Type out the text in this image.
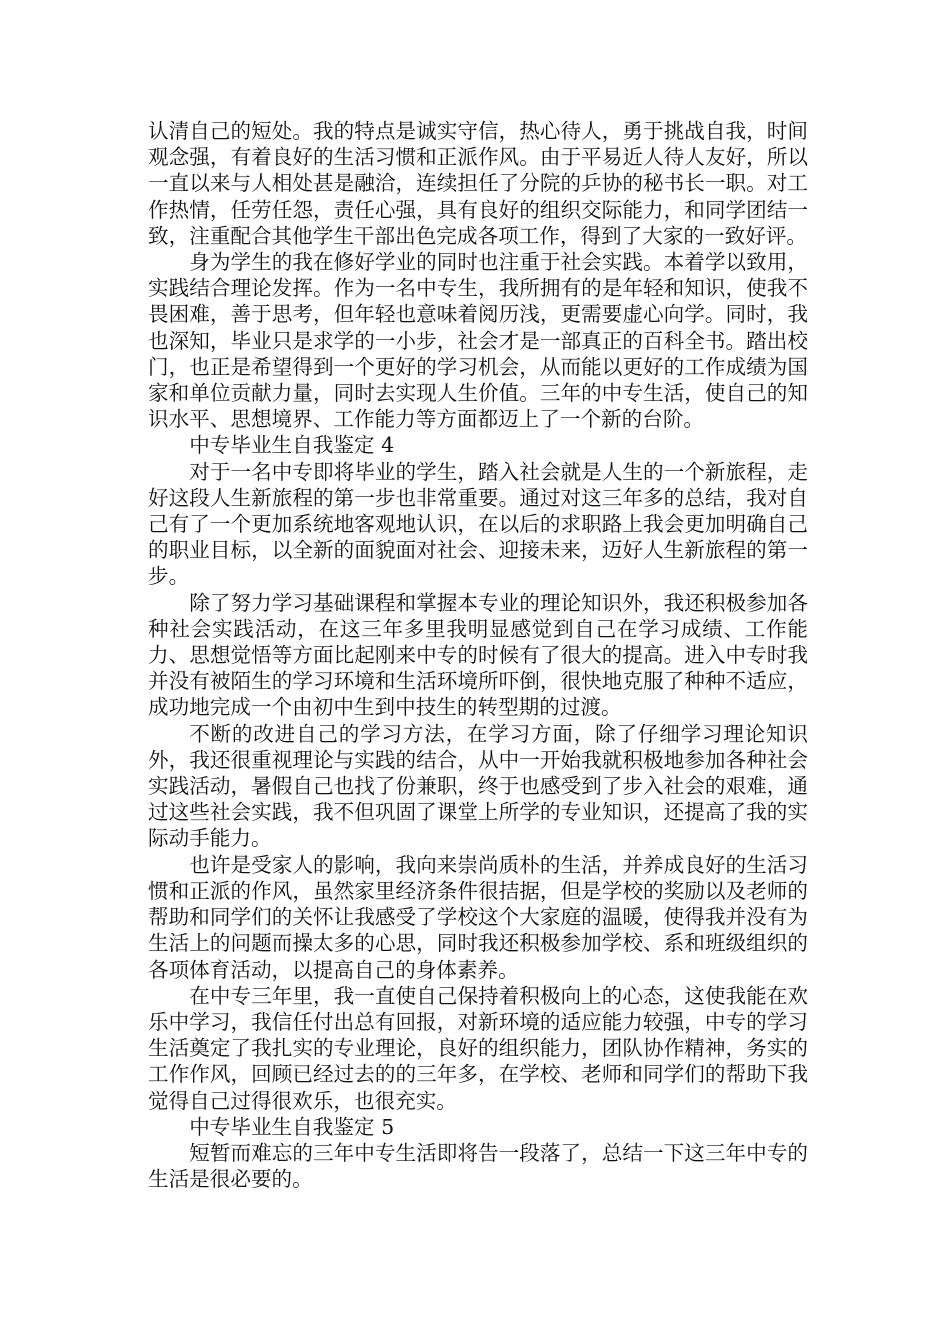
认清自己的短处。我的特点是诚实守信，热心待人，勇于挑战自我，时间观念强，有着良好的生活习惯和正派作风。由于平易近人待人友好，所以一直以来与人相处甚是融洽，连续担任了分院的乒协的秘书长一职。对工作热情，任劳任怨，责任心强，具有良好的组织交际能力，和同学团结一致，注重配合其他学生干部出色完成各项工作，得到了大家的一致好评。

身为学生的我在修好学业的同时也注重于社会实践。本着学以致用，实践结合理论发挥。作为一名中专生，我所拥有的是年轻和知识，使我不畏困难，善于思考，但年轻也意味着阅历浅，更需要虚心向学。同时，我也深知，毕业只是求学的一小步，社会才是一部真正的百科全书。踏出校门，也正是希望得到一个更好的学习机会，从而能以更好的工作成绩为国家和单位贡献力量，同时去实现人生价值。三年的中专生活，使自己的知识水平、思想境界、工作能力等方面都迈上了一个新的台阶。

中专毕业生自我鉴定 4

对于一名中专即将毕业的学生，踏入社会就是人生的一个新旅程，走好这段人生新旅程的第一步也非常重要。通过对这三年多的总结，我对自己有了一个更加系统地客观地认识，在以后的求职路上我会更加明确自己的职业目标，以全新的面貌面对社会、迎接未来，迈好人生新旅程的第一步。

除了努力学习基础课程和掌握本专业的理论知识外，我还积极参加各种社会实践活动，在这三年多里我明显感觉到自己在学习成绩、工作能力、思想觉悟等方面比起刚来中专的时候有了很大的提高。进入中专时我并没有被陌生的学习环境和生活环境所吓倒，很快地克服了种种不适应，成功地完成一个由初中生到中技生的转型期的过渡。

不断的改进自己的学习方法，在学习方面，除了仔细学习理论知识外，我还很重视理论与实践的结合，从中一开始我就积极地参加各种社会实践活动，暑假自己也找了份兼职，终于也感受到了步入社会的艰难，通过这些社会实践，我不但巩固了课堂上所学的专业知识，还提高了我的实际动手能力。

也许是受家人的影响，我向来崇尚质朴的生活，并养成良好的生活习惯和正派的作风，虽然家里经济条件很拮据，但是学校的奖励以及老师的帮助和同学们的关怀让我感受了学校这个大家庭的温暖，使得我并没有为生活上的问题而操太多的心思，同时我还积极参加学校、系和班级组织的各项体育活动，以提高自己的身体素养。

在中专三年里，我一直使自己保持着积极向上的心态，这使我能在欢乐中学习，我信任付出总有回报，对新环境的适应能力较强，中专的学习生活奠定了我扎实的专业理论，良好的组织能力，团队协作精神，务实的工作作风，回顾已经过去的的三年多，在学校、老师和同学们的帮助下我觉得自己过得很欢乐，也很充实。

中专毕业生自我鉴定 5

短暂而难忘的三年中专生活即将告一段落了，总结一下这三年中专的生活是很必要的。
